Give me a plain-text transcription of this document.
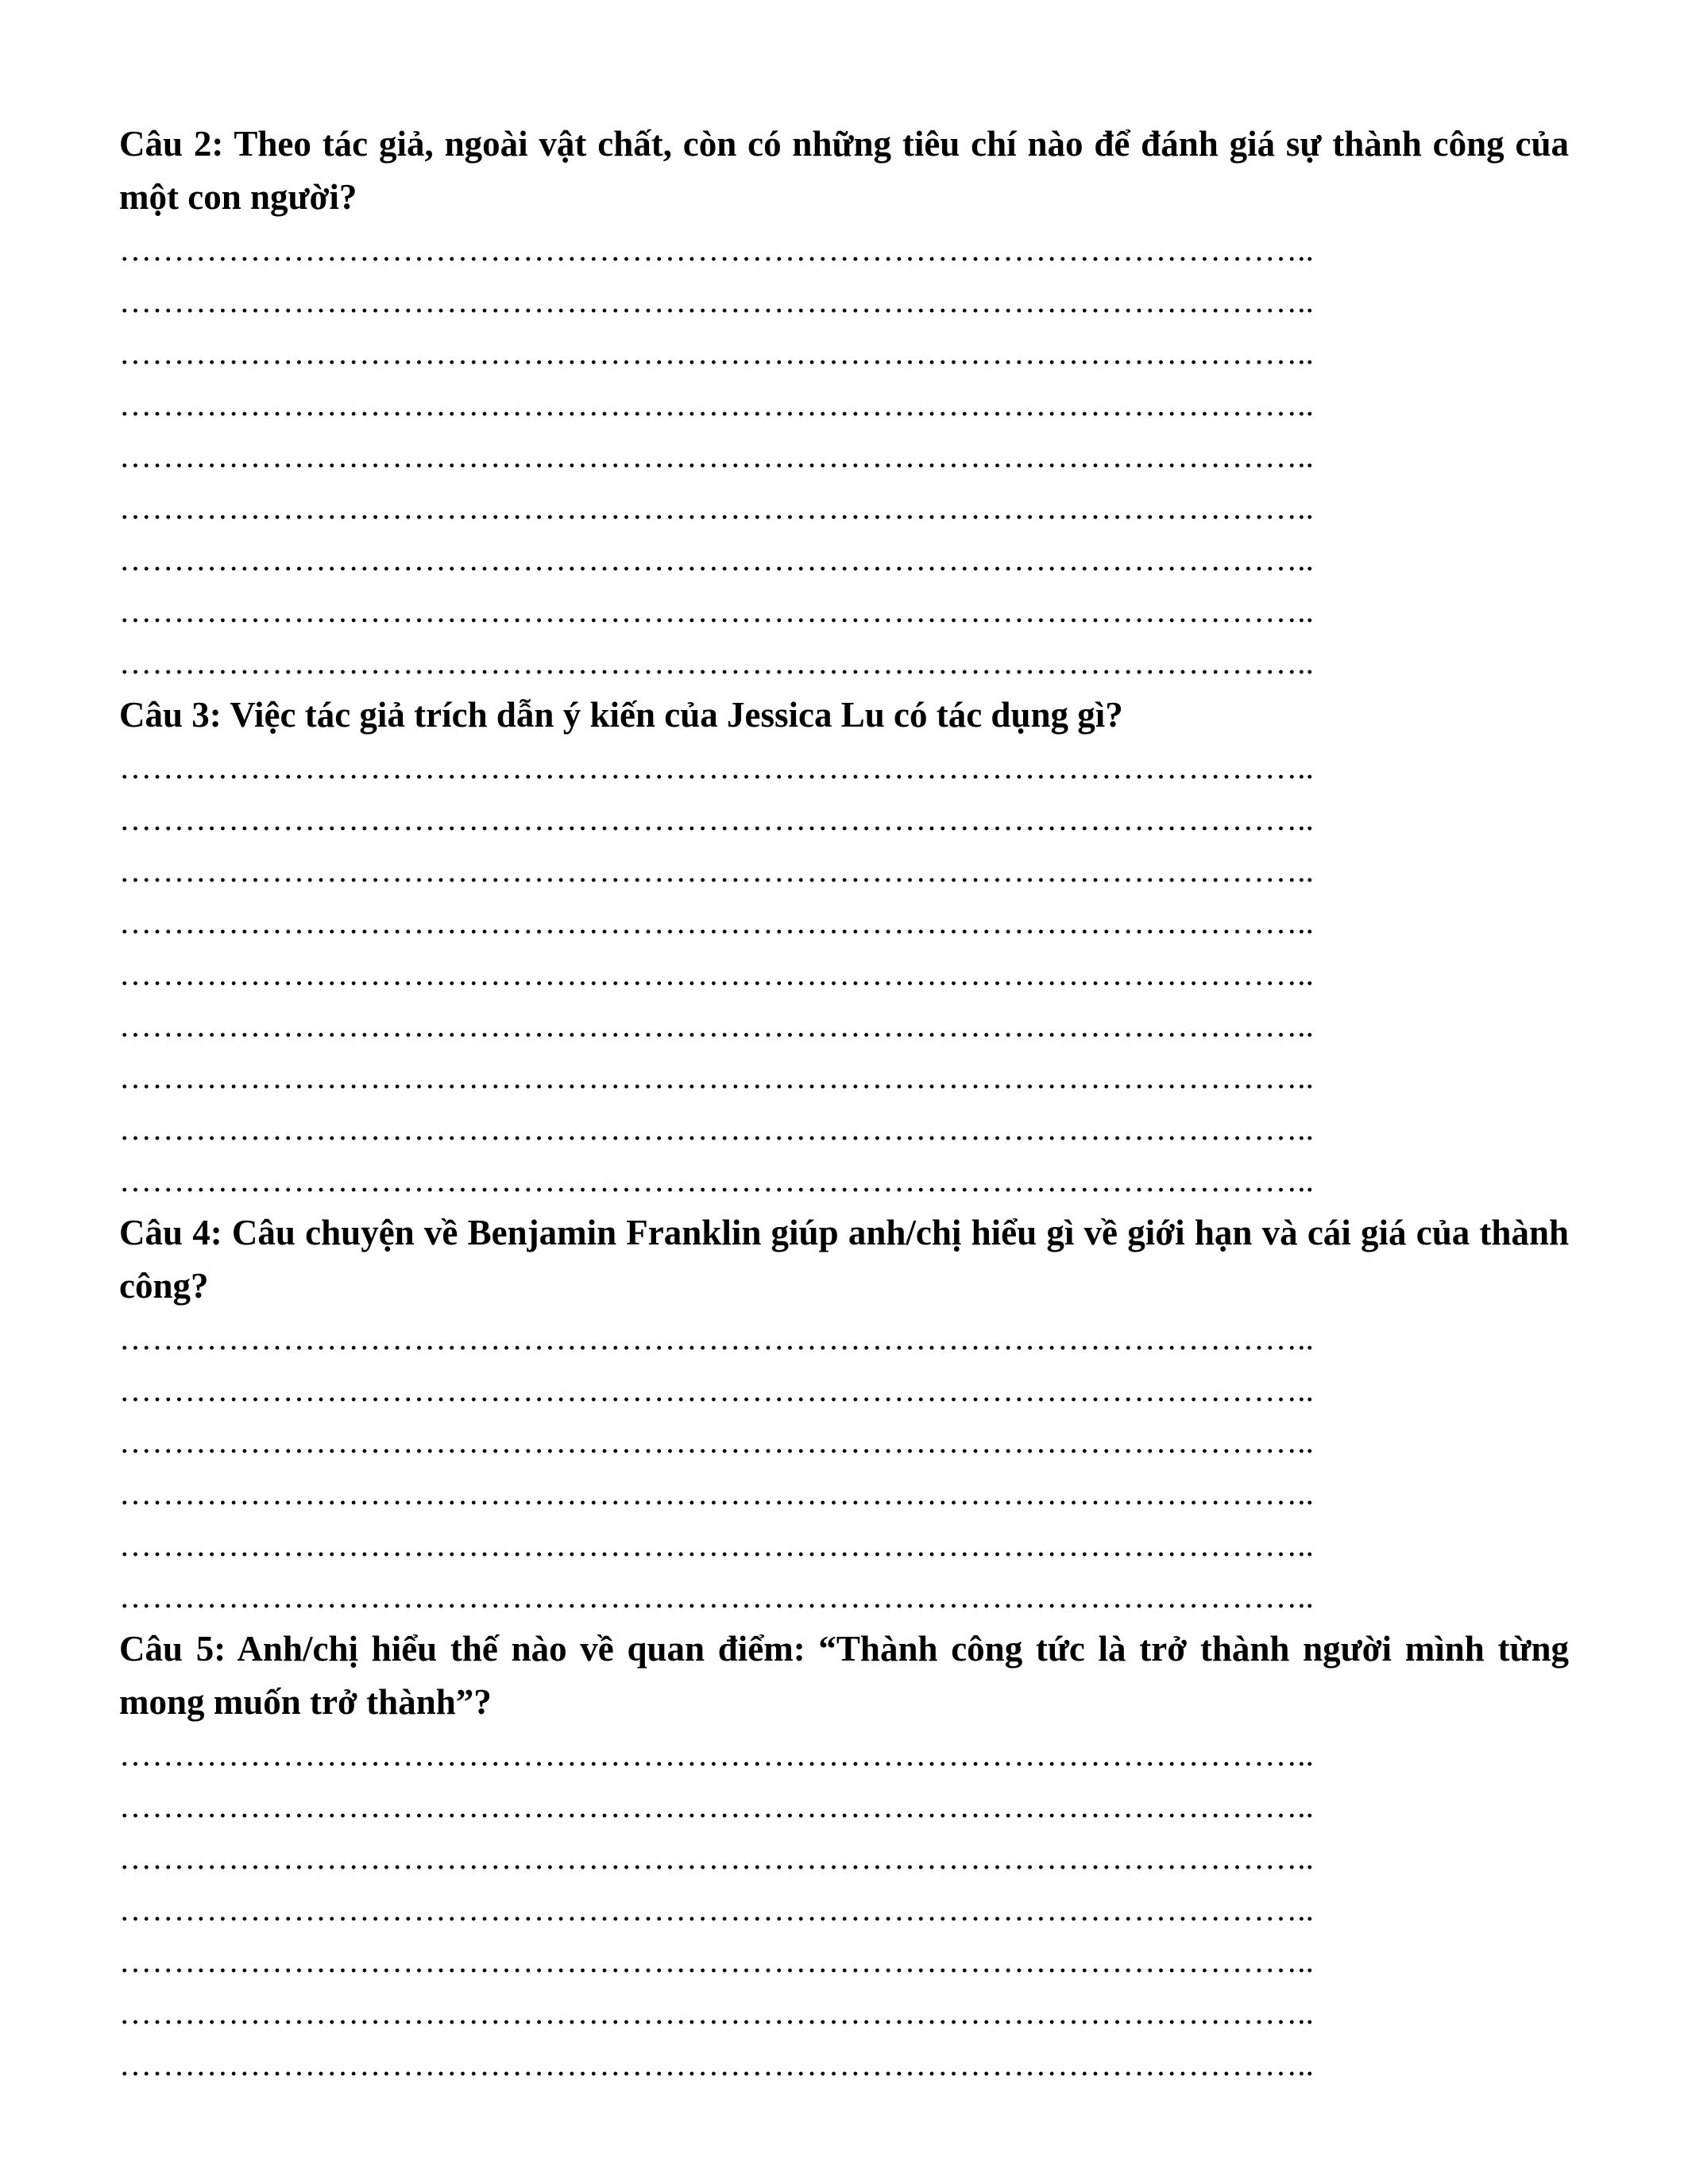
Câu 2: Theo tác giả, ngoài vật chất, còn có những tiêu chí nào để đánh giá sự thành công của một con người?

………………………………………………………………………………………………..
………………………………………………………………………………………………..
………………………………………………………………………………………………..
………………………………………………………………………………………………..
………………………………………………………………………………………………..
………………………………………………………………………………………………..
………………………………………………………………………………………………..
………………………………………………………………………………………………..
………………………………………………………………………………………………..

Câu 3: Việc tác giả trích dẫn ý kiến của Jessica Lu có tác dụng gì?

………………………………………………………………………………………………..
………………………………………………………………………………………………..
………………………………………………………………………………………………..
………………………………………………………………………………………………..
………………………………………………………………………………………………..
………………………………………………………………………………………………..
………………………………………………………………………………………………..
………………………………………………………………………………………………..
………………………………………………………………………………………………..

Câu 4: Câu chuyện về Benjamin Franklin giúp anh/chị hiểu gì về giới hạn và cái giá của thành công?

………………………………………………………………………………………………..
………………………………………………………………………………………………..
………………………………………………………………………………………………..
………………………………………………………………………………………………..
………………………………………………………………………………………………..
………………………………………………………………………………………………..

Câu 5: Anh/chị hiểu thế nào về quan điểm: “Thành công tức là trở thành người mình từng mong muốn trở thành”?

………………………………………………………………………………………………..
………………………………………………………………………………………………..
………………………………………………………………………………………………..
………………………………………………………………………………………………..
………………………………………………………………………………………………..
………………………………………………………………………………………………..
………………………………………………………………………………………………..
